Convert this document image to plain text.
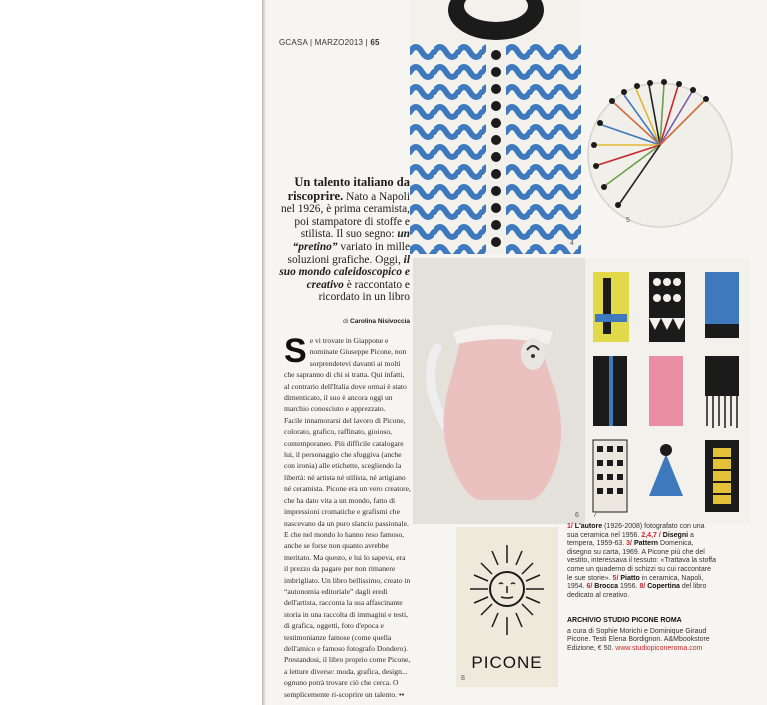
GCASA | MARZO2013 | 65
4
5
6 7
PICONE
8
Un talento italiano da riscoprire. Nato a Napoli nel 1926, è prima ceramista, poi stampatore di stoffe e stilista. Il suo segno: un “pretino” variato in mille soluzioni grafiche. Oggi, il suo mondo caleidoscopico e creativo è raccontato e ricordato in un libro
di Carolina Nisivoccia
Se vi trovate in Giappone e nominate Giuseppe Picone, non sorprendetevi davanti ai molti che sapranno di chi si tratta. Qui infatti, al contrario dell'Italia dove ormai è stato dimenticato, il suo è ancora oggi un marchio conosciuto e apprezzato.
Facile innamorarsi del lavoro di Picone, colorato, grafico, raffinato, gioioso, contemporaneo. Più difficile catalogare lui, il personaggio che sfuggiva (anche con ironia) alle etichette, scegliendo la libertà: né artista né stilista, né artigiano né ceramista. Picone era un vero creatore, che ha dato vita a un mondo, fatto di impressioni cromatiche e grafismi che nascevano da un puro slancio passionale. E che nel mondo lo hanno reso famoso, anche se forse non quanto avrebbe meritato. Ma questo, e lui lo sapeva, era il prezzo da pagare per non rimanere imbrigliato. Un libro bellissimo, creato in “autonomia editoriale” dagli eredi dell'artista, racconta la sua affascinante storia in una raccolta di immagini e testi, di grafica, oggetti, foto d'epoca e testimonianze famose (come quella dell'amico e famoso fotografo Dondero). Prestandosi, il libro proprio come Picone, a letture diverse: moda, grafica, design... ognuno potrà trovare ciò che cerca. O semplicemente ri-scoprire un talento. ••
1/ L'autore (1926-2008) fotografato con una sua ceramica nel 1956. 2,4,7 / Disegni a tempera, 1959-63. 3/ Pattern Domenica, disegno su carta, 1969. A Picone più che del vestito, interessava il tessuto: «Trattava la stoffa come un quaderno di schizzi su cui raccontare le sue storie». 5/ Piatto in ceramica, Napoli, 1954. 6/ Brocca 1956. 8/ Copertina del libro dedicato al creativo.
ARCHIVIO STUDIO PICONE ROMA
a cura di Sophie Morichi e Dominique Giraud Picone. Testi Elena Bordignon. A&Mbookstore Edizione, € 50. www.studiopiconeroma.com
